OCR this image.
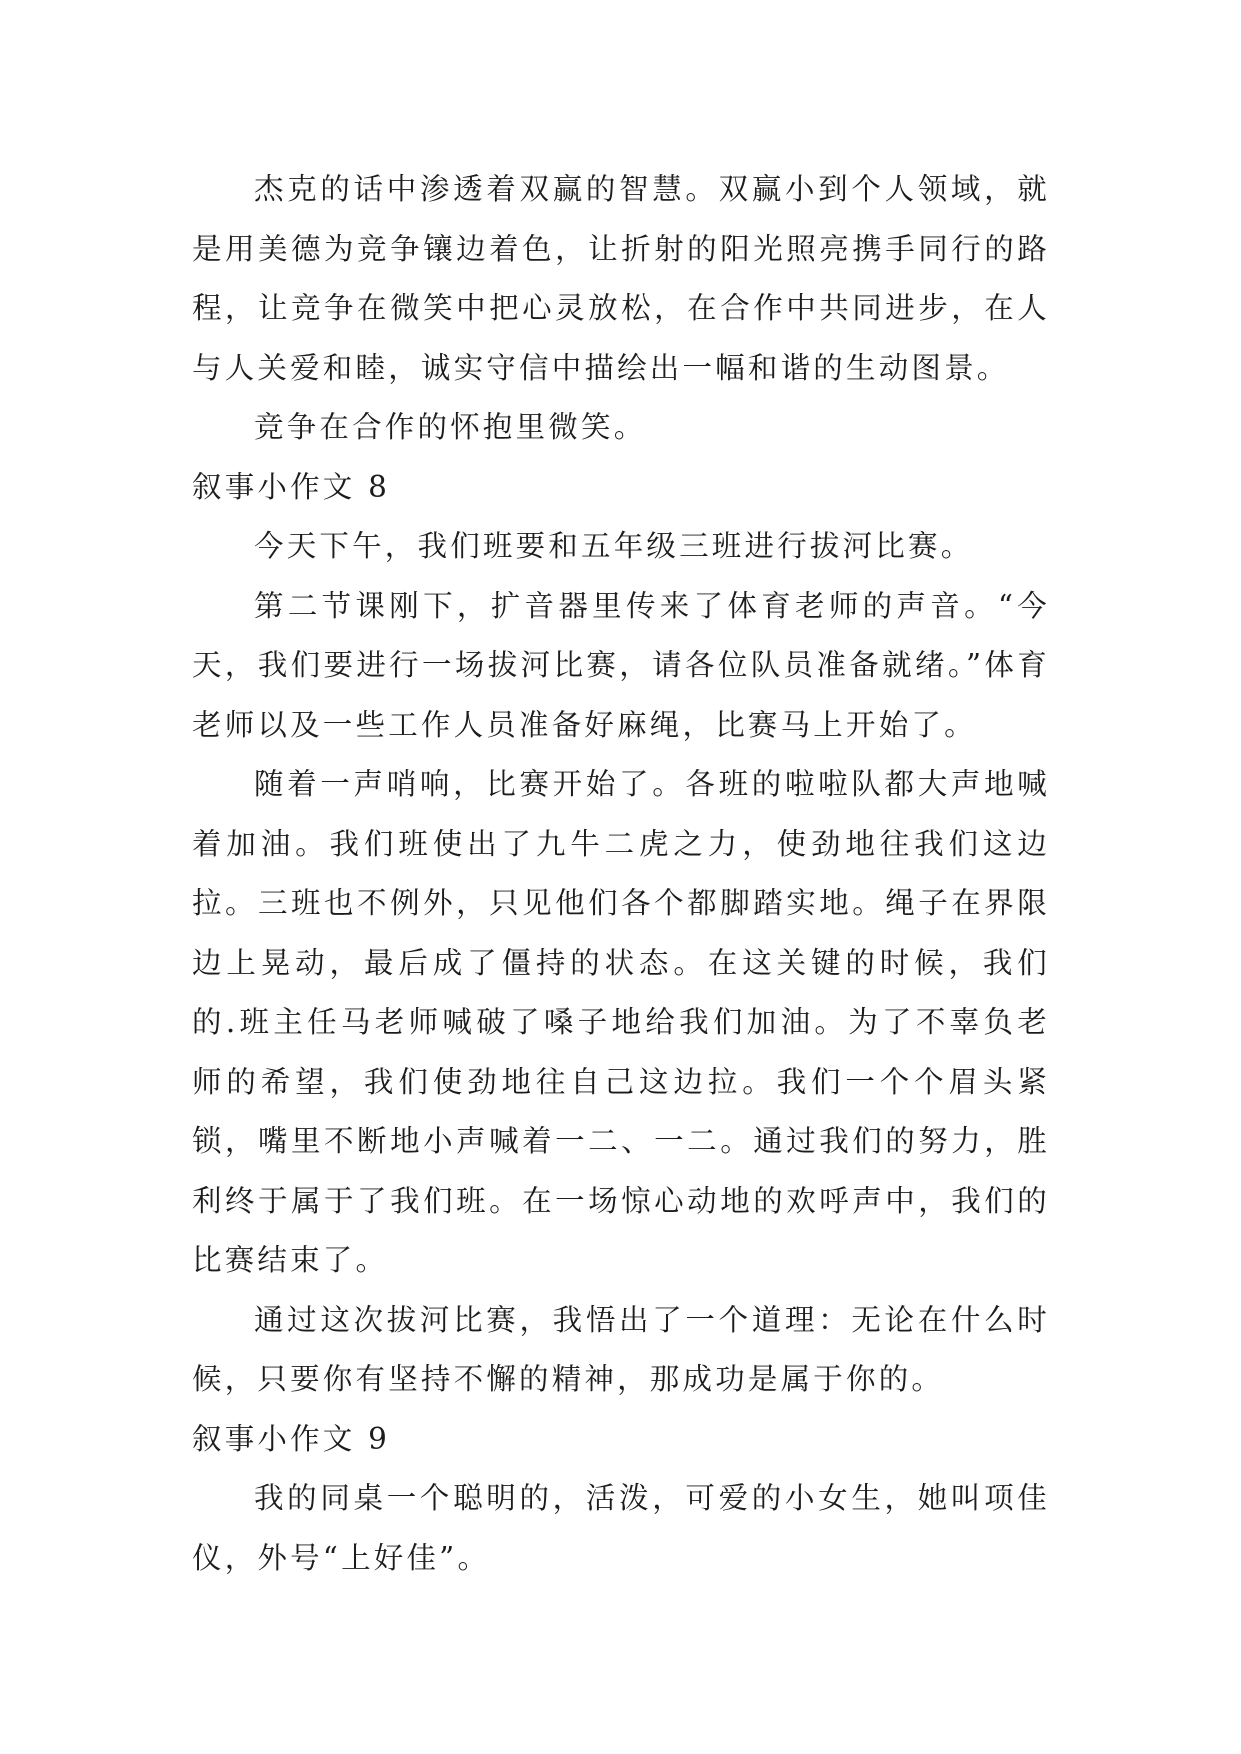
杰克的话中渗透着双赢的智慧。双赢小到个人领域，就是用美德为竞争镶边着色，让折射的阳光照亮携手同行的路程，让竞争在微笑中把心灵放松，在合作中共同进步，在人与人关爱和睦，诚实守信中描绘出一幅和谐的生动图景。

竞争在合作的怀抱里微笑。

叙事小作文 8

今天下午，我们班要和五年级三班进行拔河比赛。

第二节课刚下，扩音器里传来了体育老师的声音。“今天，我们要进行一场拔河比赛，请各位队员准备就绪。”体育老师以及一些工作人员准备好麻绳，比赛马上开始了。

随着一声哨响，比赛开始了。各班的啦啦队都大声地喊着加油。我们班使出了九牛二虎之力，使劲地往我们这边拉。三班也不例外，只见他们各个都脚踏实地。绳子在界限边上晃动，最后成了僵持的状态。在这关键的时候，我们的.班主任马老师喊破了嗓子地给我们加油。为了不辜负老师的希望，我们使劲地往自己这边拉。我们一个个眉头紧锁，嘴里不断地小声喊着一二、一二。通过我们的努力，胜利终于属于了我们班。在一场惊心动地的欢呼声中，我们的比赛结束了。

通过这次拔河比赛，我悟出了一个道理：无论在什么时候，只要你有坚持不懈的精神，那成功是属于你的。

叙事小作文 9

我的同桌一个聪明的，活泼，可爱的小女生，她叫项佳仪，外号“上好佳”。
